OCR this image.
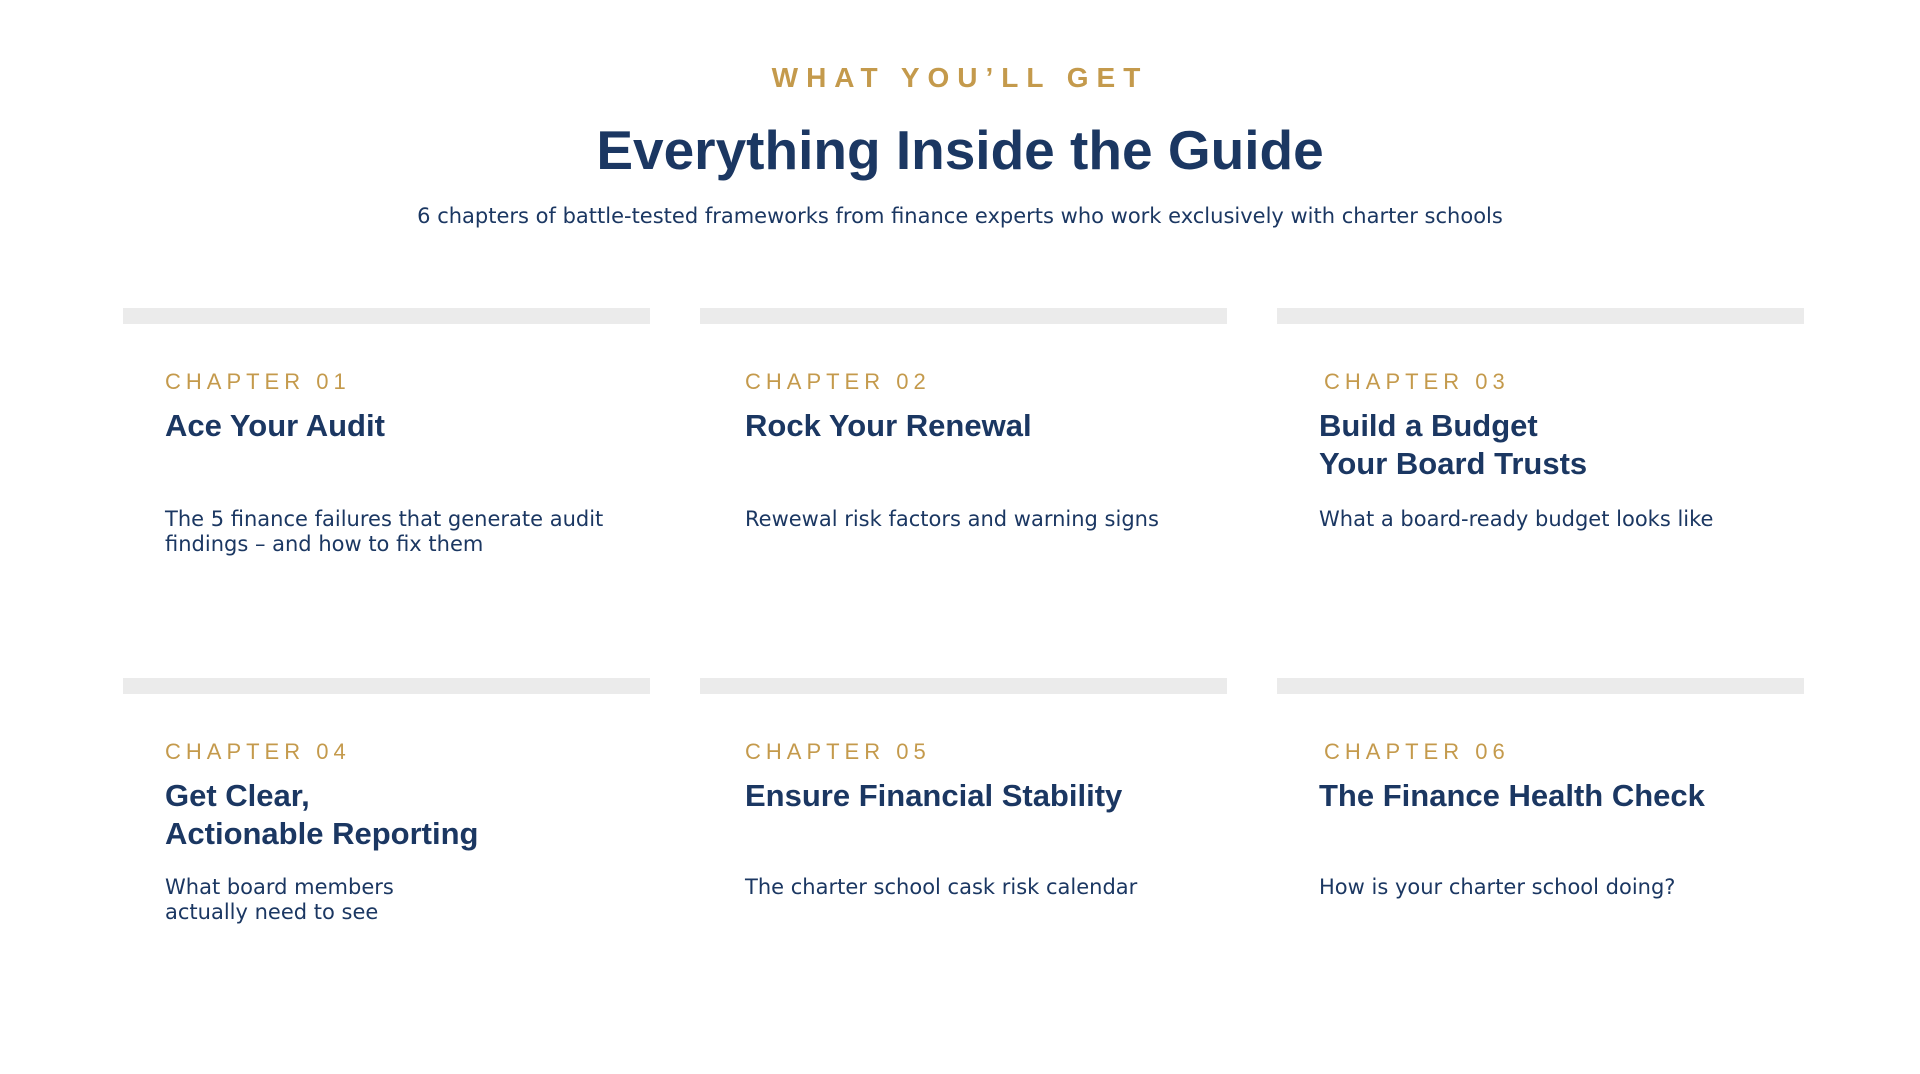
WHAT YOU’LL GET
Everything Inside the Guide
6 chapters of battle-tested frameworks from finance experts who work exclusively with charter schools
CHAPTER 01
Ace Your Audit
The 5 finance failures that generate audit
findings – and how to fix them
CHAPTER 02
Rock Your Renewal
Rewewal risk factors and warning signs
CHAPTER 03
Build a Budget
Your Board Trusts
What a board-ready budget looks like
CHAPTER 04
Get Clear,
Actionable Reporting
What board members
actually need to see
CHAPTER 05
Ensure Financial Stability
The charter school cask risk calendar
CHAPTER 06
The Finance Health Check
How is your charter school doing?
